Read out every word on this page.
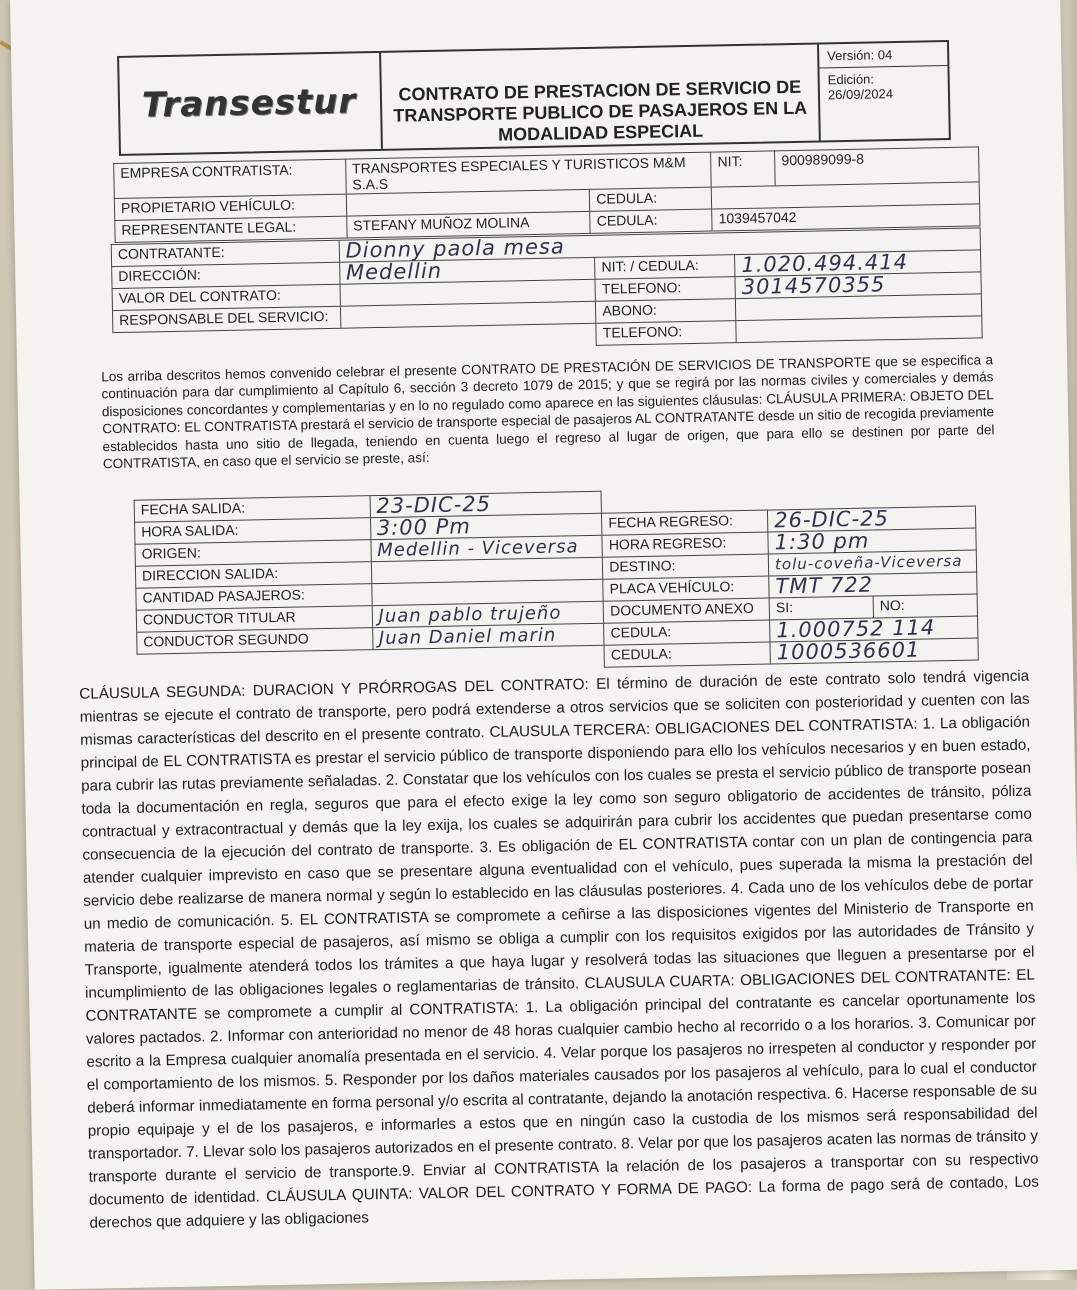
Transestur	CONTRATO DE PRESTACION DE SERVICIO DE
TRANSPORTE PUBLICO DE PASAJEROS EN LA
MODALIDAD ESPECIAL
Versión: 04
Edición:
26/09/2024
EMPRESA CONTRATISTA:	TRANSPORTES ESPECIALES Y TURISTICOS M&M S.A.S		NIT:	900989099-8
PROPIETARIO VEHÍCULO:		CEDULA:		
REPRESENTANTE LEGAL:	STEFANY MUÑOZ MOLINA	CEDULA:	1039457042	
CONTRATANTE:	Dionny paola mesa		
DIRECCIÓN:	Medellin	NIT: / CEDULA:	1.020.494.414
VALOR DEL CONTRATO:		TELEFONO:	3014570355
RESPONSABLE DEL SERVICIO:		ABONO:	
		TELEFONO:	
Los arriba descritos hemos convenido celebrar el presente CONTRATO DE PRESTACIÓN DE SERVICIOS DE TRANSPORTE que se especifica a continuación para dar cumplimiento al Capítulo 6, sección 3 decreto 1079 de 2015; y que se regirá por las normas civiles y comerciales y demás disposiciones concordantes y complementarias y en lo no regulado como aparece en las siguientes cláusulas: CLÁUSULA PRIMERA: OBJETO DEL CONTRATO: EL CONTRATISTA prestará el servicio de transporte especial de pasajeros AL CONTRATANTE desde un sitio de recogida previamente establecidos hasta uno sitio de llegada, teniendo en cuenta luego el regreso al lugar de origen, que para ello se destinen por parte del CONTRATISTA, en caso que el servicio se preste, así:
FECHA SALIDA:	23-DIC-25			
HORA SALIDA:	3:00 Pm	FECHA REGRESO:	26-DIC-25	
ORIGEN:	Medellin - Viceversa	HORA REGRESO:	1:30 pm	
DIRECCION SALIDA:		DESTINO:	tolu-coveña-Viceversa	
CANTIDAD PASAJEROS:		PLACA VEHÍCULO:	TMT 722	
CONDUCTOR TITULAR	Juan pablo trujeño	DOCUMENTO ANEXO	SI:	NO:
CONDUCTOR SEGUNDO	Juan Daniel marin	CEDULA:	1.000752 114	
		CEDULA:	1000536601	
CLÁUSULA SEGUNDA: DURACION Y PRÓRROGAS DEL CONTRATO: El término de duración de este contrato solo tendrá vigencia mientras se ejecute el contrato de transporte, pero podrá extenderse a otros servicios que se soliciten con posterioridad y cuenten con las mismas características del descrito en el presente contrato. CLAUSULA TERCERA: OBLIGACIONES DEL CONTRATISTA: 1. La obligación principal de EL CONTRATISTA es prestar el servicio público de transporte disponiendo para ello los vehículos necesarios y en buen estado, para cubrir las rutas previamente señaladas. 2. Constatar que los vehículos con los cuales se presta el servicio público de transporte posean toda la documentación en regla, seguros que para el efecto exige la ley como son seguro obligatorio de accidentes de tránsito, póliza contractual y extracontractual y demás que la ley exija, los cuales se adquirirán para cubrir los accidentes que puedan presentarse como consecuencia de la ejecución del contrato de transporte. 3. Es obligación de EL CONTRATISTA contar con un plan de contingencia para atender cualquier imprevisto en caso que se presentare alguna eventualidad con el vehículo, pues superada la misma la prestación del servicio debe realizarse de manera normal y según lo establecido en las cláusulas posteriores. 4. Cada uno de los vehículos debe de portar un medio de comunicación. 5. EL CONTRATISTA se compromete a ceñirse a las disposiciones vigentes del Ministerio de Transporte en materia de transporte especial de pasajeros, así mismo se obliga a cumplir con los requisitos exigidos por las autoridades de Tránsito y Transporte, igualmente atenderá todos los trámites a que haya lugar y resolverá todas las situaciones que lleguen a presentarse por el incumplimiento de las obligaciones legales o reglamentarias de tránsito. CLAUSULA CUARTA: OBLIGACIONES DEL CONTRATANTE: EL CONTRATANTE se compromete a cumplir al CONTRATISTA: 1. La obligación principal del contratante es cancelar oportunamente los valores pactados. 2. Informar con anterioridad no menor de 48 horas cualquier cambio hecho al recorrido o a los horarios. 3. Comunicar por escrito a la Empresa cualquier anomalía presentada en el servicio. 4. Velar porque los pasajeros no irrespeten al conductor y responder por el comportamiento de los mismos. 5. Responder por los daños materiales causados por los pasajeros al vehículo, para lo cual el conductor deberá informar inmediatamente en forma personal y/o escrita al contratante, dejando la anotación respectiva. 6. Hacerse responsable de su propio equipaje y el de los pasajeros, e informarles a estos que en ningún caso la custodia de los mismos será responsabilidad del transportador. 7. Llevar solo los pasajeros autorizados en el presente contrato. 8. Velar por que los pasajeros acaten las normas de tránsito y transporte durante el servicio de transporte.9. Enviar al CONTRATISTA la relación de los pasajeros a transportar con su respectivo documento de identidad. CLÁUSULA QUINTA: VALOR DEL CONTRATO Y FORMA DE PAGO: La forma de pago será de contado, Los derechos que adquiere y las obligaciones
